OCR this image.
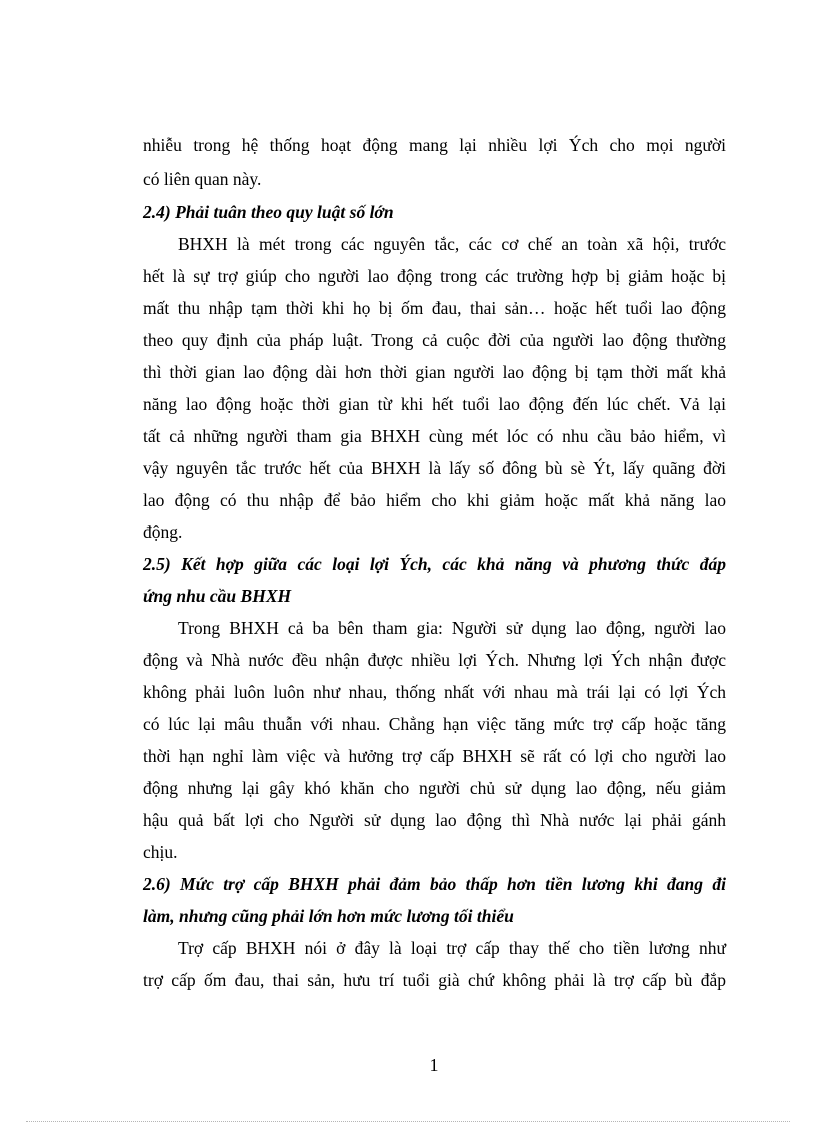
nhiễu trong hệ thống hoạt động mang lại nhiều lợi Ých cho mọi người
có liên quan này.
2.4) Phải tuân theo quy luật số lớn
BHXH là mét trong các nguyên tắc, các cơ chế an toàn xã hội, trước
hết là sự trợ giúp cho người lao động trong các trường hợp bị giảm hoặc bị
mất thu nhập tạm thời khi họ bị ốm đau, thai sản… hoặc hết tuổi lao động
theo quy định của pháp luật. Trong cả cuộc đời của người lao động thường
thì thời gian lao động dài hơn thời gian người lao động bị tạm thời mất khả
năng lao động hoặc thời gian từ khi hết tuổi lao động đến lúc chết. Vả lại
tất cả những người tham gia BHXH cùng mét lóc có nhu cầu bảo hiểm, vì
vậy nguyên tắc trước hết của BHXH là lấy số đông bù sè Ýt, lấy quãng đời
lao động có thu nhập để bảo hiểm cho khi giảm hoặc mất khả năng lao
động.
2.5) Kết hợp giữa các loại lợi Ých, các khả năng và phương thức đáp
ứng nhu cầu BHXH
Trong BHXH cả ba bên tham gia: Người sử dụng lao động, người lao
động và Nhà nước đều nhận được nhiều lợi Ých. Nhưng lợi Ých nhận được
không phải luôn luôn như nhau, thống nhất với nhau mà trái lại có lợi Ých
có lúc lại mâu thuẫn với nhau. Chẳng hạn việc tăng mức trợ cấp hoặc tăng
thời hạn nghỉ làm việc và hưởng trợ cấp BHXH sẽ rất có lợi cho người lao
động nhưng lại gây khó khăn cho người chủ sử dụng lao động, nếu giảm
hậu quả bất lợi cho Người sử dụng lao động thì Nhà nước lại phải gánh
chịu.
2.6) Mức trợ cấp BHXH phải đảm bảo thấp hơn tiền lương khi đang đi
làm, nhưng cũng phải lớn hơn mức lương tối thiểu
Trợ cấp BHXH nói ở đây là loại trợ cấp thay thế cho tiền lương như
trợ cấp ốm đau, thai sản, hưu trí tuổi già chứ không phải là trợ cấp bù đắp
1
